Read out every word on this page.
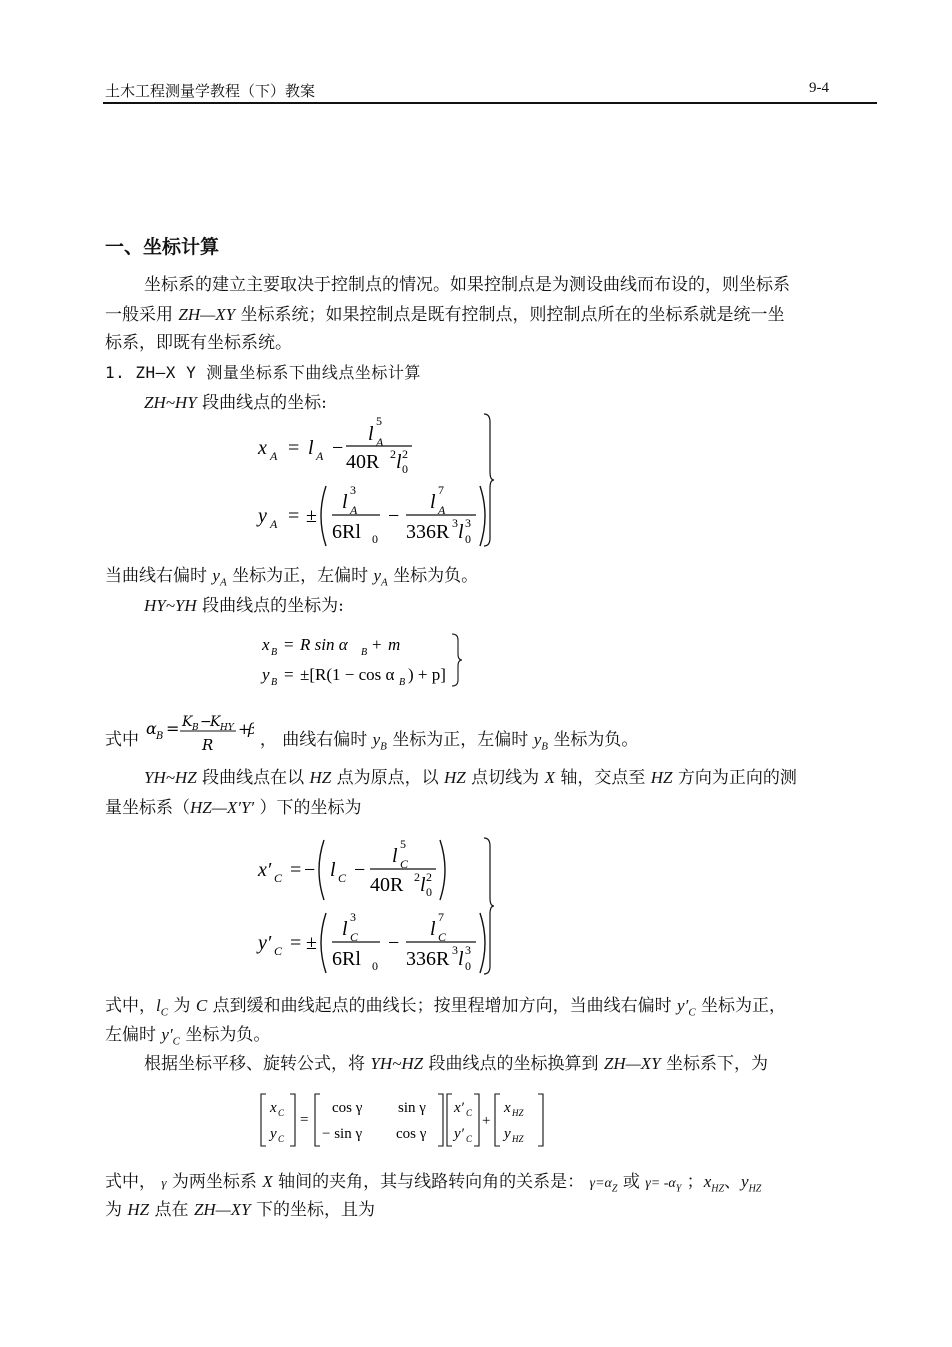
土木工程测量学教程（下）教案	9-4
一、坐标计算
坐标系的建立主要取决于控制点的情况。如果控制点是为测设曲线而布设的，则坐标系
一般采用 ZH—XY 坐标系统；如果控制点是既有控制点，则控制点所在的坐标系就是统一坐
标系，即既有坐标系统。
1. ZH—X Y 测量坐标系下曲线点坐标计算
ZH~HY 段曲线点的坐标:
x A = l A −
l
5
A
40R 2 l 2
0
y A = ±
l
3
A
6Rl 0
−
l
7
A
336R 3 l 3
0
当曲线右偏时 $y_A$ 坐标为正，左偏时 $y_A$ 坐标为负。
HY~YH 段曲线点的坐标为:
x B = R sin α B + m
y B = ±[R(1 − cos α B ) + p]
式中
α B = K B −
K HY
R
+
， 曲线右偏时 $y_B$ 坐标为正，左偏时 $y_B$ 坐标为负。
YH~HZ 段曲线点在以 HZ 点为原点，以 HZ 点切线为 X 轴，交点至 HZ 方向为正向的测
量坐标系（HZ—X′Y′ ）下的坐标为
x′ C = − l C −
l
5
C
40R 2 l 2
0
y′ C = ±
l
3
C
6Rl 0
−
l
7
C
336R 3 l 3
0
式中，$l_C$ 为 C 点到缓和曲线起点的曲线长；按里程增加方向，当曲线右偏时 $y'_C$ 坐标为正，
左偏时 $y'_C$ 坐标为负。
根据坐标平移、旋转公式，将 YH~HZ 段曲线点的坐标换算到 ZH—XY 坐标系下，为
x C
y C
=
cos γ sin γ
− sin γ cos γ
x′ C
y′ C
+
x HZ
y HZ
式中， γ 为两坐标系 X 轴间的夹角，其与线路转向角的关系是： $\gamma=\alpha_Z$ 或 $\gamma= -\alpha_Y$ ；$x_{HZ}$、$y_{HZ}$
为 HZ 点在 ZH—XY 下的坐标，且为
